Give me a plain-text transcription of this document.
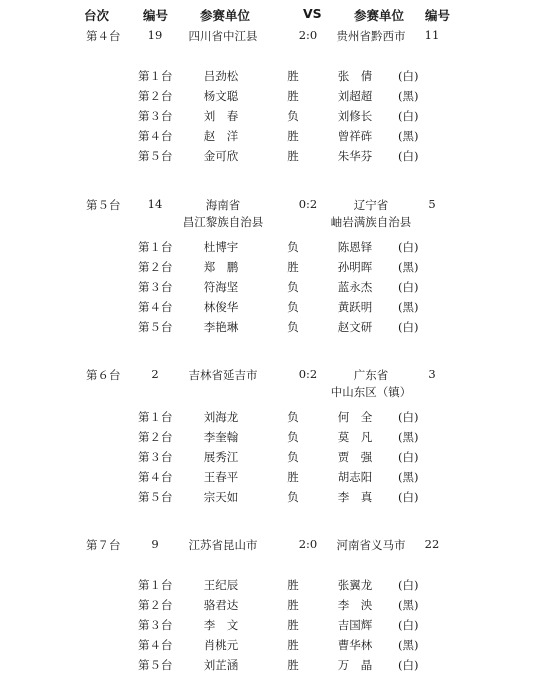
台次	编号	参赛单位	VS	参赛单位 编号
第４台	19	四川省中江县	2:0	贵州省黔西市	11
第１台	吕劲松	胜	张　倩	(白)
第２台	杨文聪	胜	刘超超	(黑)
第３台	刘　春	负	刘修长	(白)
第４台	赵　洋	胜	曾祥砗	(黑)
第５台	金可欣	胜	朱华芬	(白)
第５台	14	海南省	0:2	辽宁省	5
昌江黎族自治县	岫岩满族自治县
第１台	杜博宇	负	陈恩铎	(白)
第２台	郑　鹏	胜	孙明晖	(黑)
第３台	符海坚	负	蓝永杰	(白)
第４台	林俊华	负	黄跃明	(黑)
第５台	李艳琳	负	赵文研	(白)
第６台	2	吉林省延吉市	0:2	广东省	3
中山东区（镇）
第１台	刘海龙	负	何　全	(白)
第２台	李奎翰	负	莫　凡	(黑)
第３台	展秀江	负	贾　强	(白)
第４台	王春平	胜	胡志阳	(黑)
第５台	宗天如	负	李　真	(白)
第７台	9	江苏省昆山市	2:0	河南省义马市	22
第１台	王纪辰	胜	张翼龙	(白)
第２台	骆君达	胜	李　泱	(黑)
第３台	李　文	胜	吉国辉	(白)
第４台	肖桃元	胜	曹华林	(黑)
第５台	刘芷涵	胜	万　晶	(白)
